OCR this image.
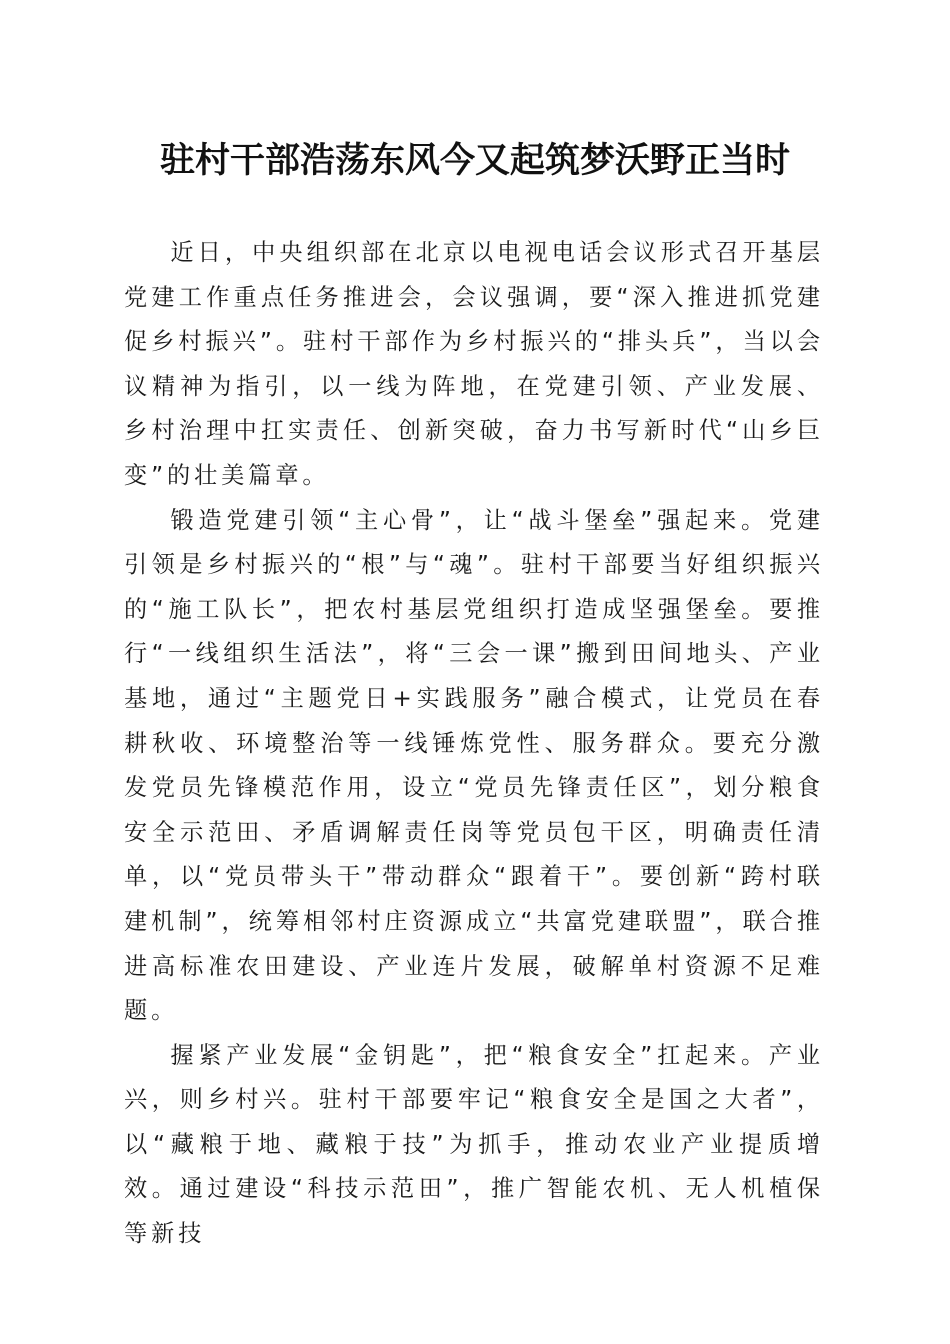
驻村干部浩荡东风今又起筑梦沃野正当时

近日，中央组织部在北京以电视电话会议形式召开基层党建工作重点任务推进会，会议强调，要“深入推进抓党建促乡村振兴”。驻村干部作为乡村振兴的“排头兵”，当以会议精神为指引，以一线为阵地，在党建引领、产业发展、乡村治理中扛实责任、创新突破，奋力书写新时代“山乡巨变”的壮美篇章。

锻造党建引领“主心骨”，让“战斗堡垒”强起来。党建引领是乡村振兴的“根”与“魂”。驻村干部要当好组织振兴的“施工队长”，把农村基层党组织打造成坚强堡垒。要推行“一线组织生活法”，将“三会一课”搬到田间地头、产业基地，通过“主题党日+实践服务”融合模式，让党员在春耕秋收、环境整治等一线锤炼党性、服务群众。要充分激发党员先锋模范作用，设立“党员先锋责任区”，划分粮食安全示范田、矛盾调解责任岗等党员包干区，明确责任清单，以“党员带头干”带动群众“跟着干”。要创新“跨村联建机制”，统筹相邻村庄资源成立“共富党建联盟”，联合推进高标准农田建设、产业连片发展，破解单村资源不足难题。

握紧产业发展“金钥匙”，把“粮食安全”扛起来。产业兴，则乡村兴。驻村干部要牢记“粮食安全是国之大者”，以“藏粮于地、藏粮于技”为抓手，推动农业产业提质增效。通过建设“科技示范田”，推广智能农机、无人机植保等新技
